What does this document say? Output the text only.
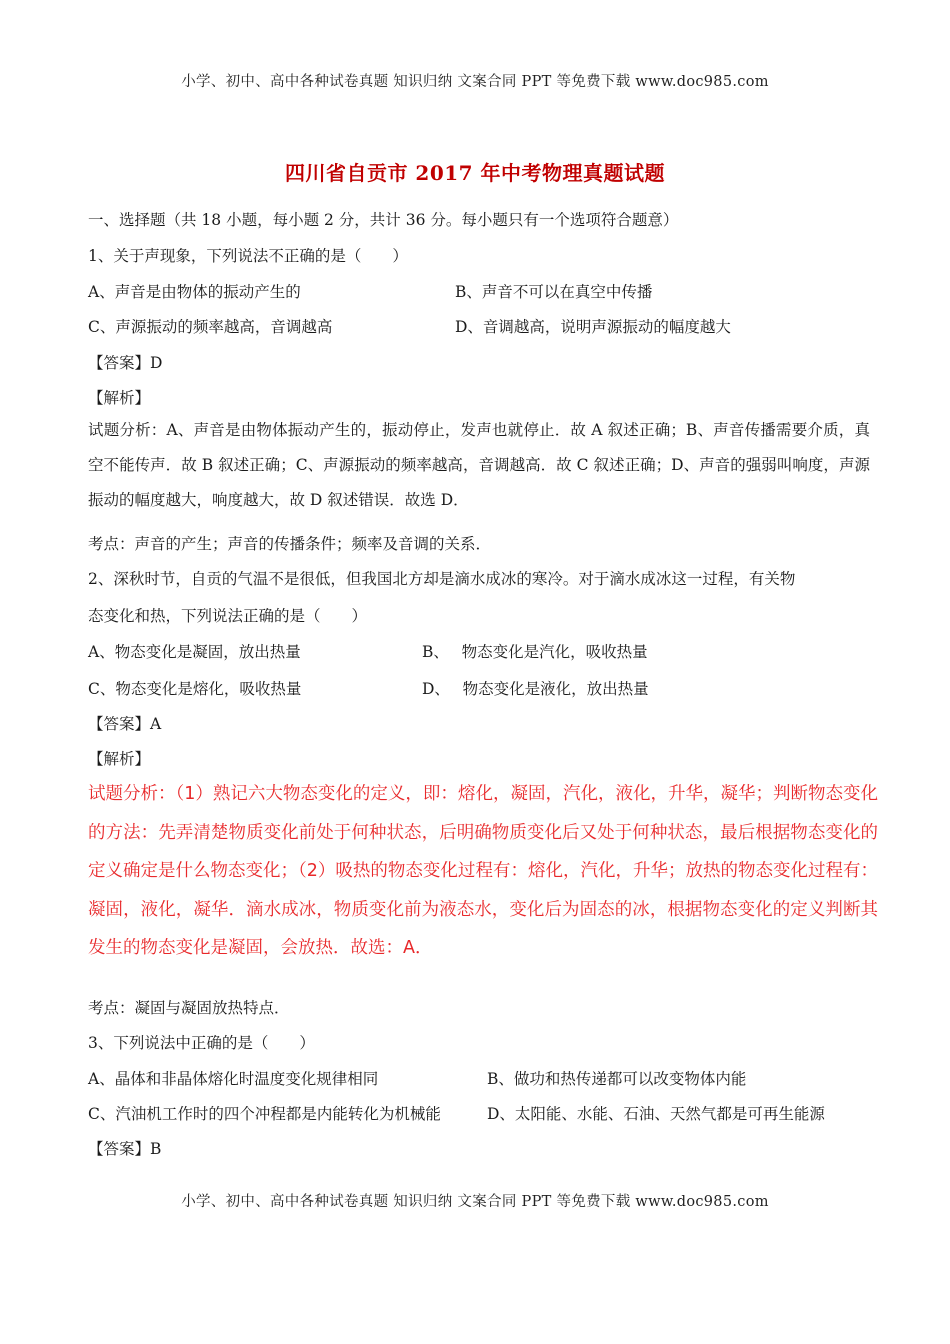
小学、初中、高中各种试卷真题 知识归纳 文案合同 PPT 等免费下载 www.doc985.com
四川省自贡市 2017 年中考物理真题试题
一、选择题（共 18 小题，每小题 2 分，共计 36 分。每小题只有一个选项符合题意）
1、关于声现象，下列说法不正确的是（　　）
A、声音是由物体的振动产生的	B、声音不可以在真空中传播
C、声源振动的频率越高，音调越高	D、音调越高，说明声源振动的幅度越大
【答案】D
【解析】
试题分析：A、声音是由物体振动产生的，振动停止，发声也就停止．故 A 叙述正确；B、声音传播需要介质，真空不能传声．故 B 叙述正确；C、声源振动的频率越高，音调越高．故 C 叙述正确；D、声音的强弱叫响度，声源振动的幅度越大，响度越大，故 D 叙述错误．故选 D．
考点：声音的产生；声音的传播条件；频率及音调的关系．
2、深秋时节，自贡的气温不是很低，但我国北方却是滴水成冰的寒冷。对于滴水成冰这一过程，有关物
态变化和热，下列说法正确的是（　　）
A、物态变化是凝固，放出热量	B、　 物态变化是汽化，吸收热量
C、物态变化是熔化，吸收热量	D、　 物态变化是液化，放出热量
【答案】A
【解析】
试题分析：（1）熟记六大物态变化的定义，即：熔化，凝固，汽化，液化，升华，凝华；判断物态变化的方法：先弄清楚物质变化前处于何种状态，后明确物质变化后又处于何种状态，最后根据物态变化的定义确定是什么物态变化；（2）吸热的物态变化过程有：熔化，汽化，升华；放热的物态变化过程有：凝固，液化，凝华．滴水成冰，物质变化前为液态水，变化后为固态的冰，根据物态变化的定义判断其发生的物态变化是凝固，会放热．故选：A．
考点：凝固与凝固放热特点．
3、下列说法中正确的是（　　）
A、晶体和非晶体熔化时温度变化规律相同	B、做功和热传递都可以改变物体内能
C、汽油机工作时的四个冲程都是内能转化为机械能	D、太阳能、水能、石油、天然气都是可再生能源
【答案】B
小学、初中、高中各种试卷真题 知识归纳 文案合同 PPT 等免费下载 www.doc985.com
